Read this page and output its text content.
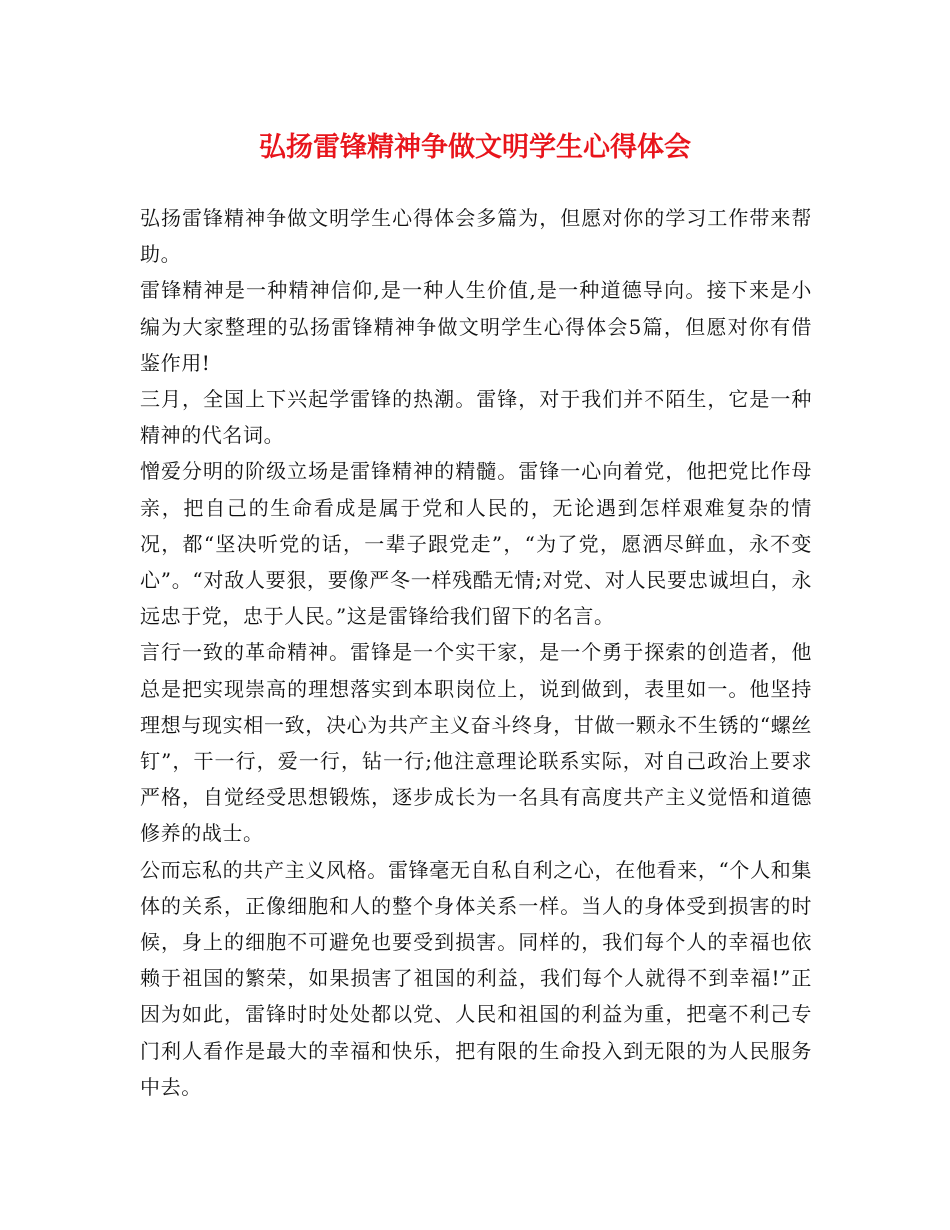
弘扬雷锋精神争做文明学生心得体会

弘扬雷锋精神争做文明学生心得体会多篇为，但愿对你的学习工作带来帮助。

雷锋精神是一种精神信仰,是一种人生价值,是一种道德导向。接下来是小编为大家整理的弘扬雷锋精神争做文明学生心得体会5篇，但愿对你有借鉴作用!

三月，全国上下兴起学雷锋的热潮。雷锋，对于我们并不陌生，它是一种精神的代名词。

憎爱分明的阶级立场是雷锋精神的精髓。雷锋一心向着党，他把党比作母亲，把自己的生命看成是属于党和人民的，无论遇到怎样艰难复杂的情况，都“坚决听党的话，一辈子跟党走”，“为了党，愿洒尽鲜血，永不变心”。“对敌人要狠，要像严冬一样残酷无情;对党、对人民要忠诚坦白，永远忠于党，忠于人民。”这是雷锋给我们留下的名言。

言行一致的革命精神。雷锋是一个实干家，是一个勇于探索的创造者，他总是把实现崇高的理想落实到本职岗位上，说到做到，表里如一。他坚持理想与现实相一致，决心为共产主义奋斗终身，甘做一颗永不生锈的“螺丝钉”，干一行，爱一行，钻一行;他注意理论联系实际，对自己政治上要求严格，自觉经受思想锻炼，逐步成长为一名具有高度共产主义觉悟和道德修养的战士。

公而忘私的共产主义风格。雷锋毫无自私自利之心，在他看来，“个人和集体的关系，正像细胞和人的整个身体关系一样。当人的身体受到损害的时候，身上的细胞不可避免也要受到损害。同样的，我们每个人的幸福也依赖于祖国的繁荣，如果损害了祖国的利益，我们每个人就得不到幸福!”正因为如此，雷锋时时处处都以党、人民和祖国的利益为重，把毫不利己专门利人看作是最大的幸福和快乐，把有限的生命投入到无限的为人民服务中去。
